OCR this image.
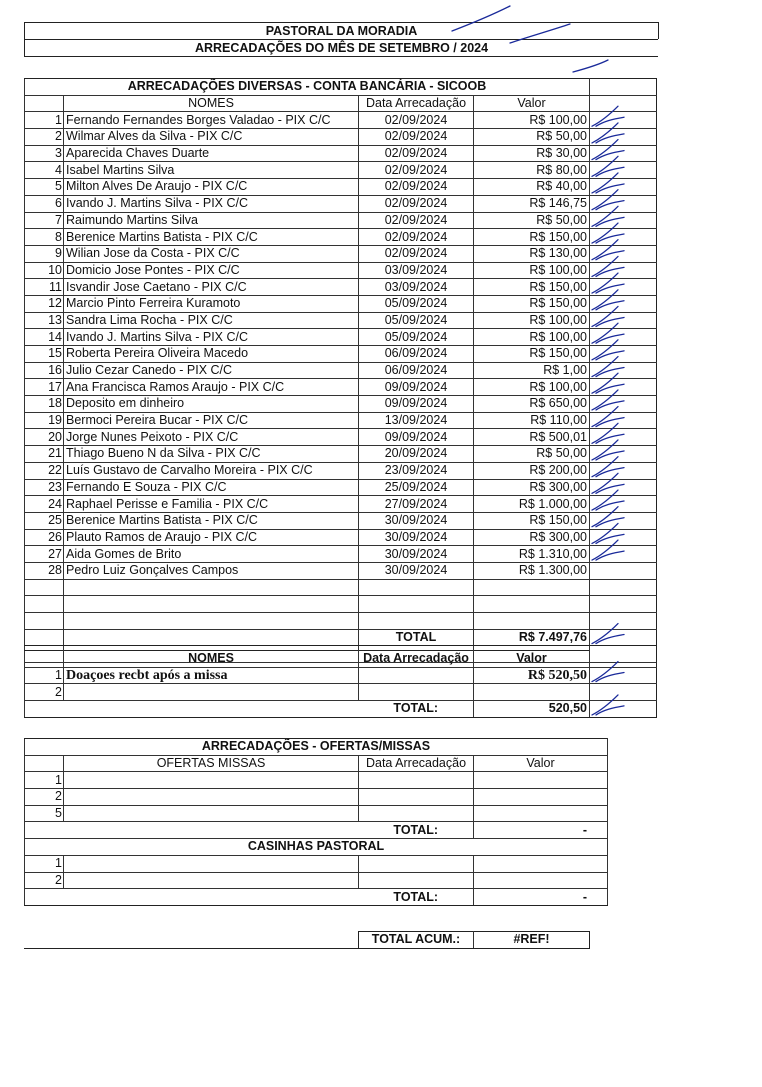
PASTORAL DA MORADIA
ARRECADAÇÕES DO MÊS DE SETEMBRO / 2024
ARRECADAÇÕES DIVERSAS - CONTA BANCÁRIA - SICOOB				
	NOMES	Data Arrecadação	Valor	
1	Fernando Fernandes Borges Valadao - PIX C/C	02/09/2024	R$ 100,00	
2	Wilmar Alves da Silva - PIX C/C	02/09/2024	R$ 50,00	
3	Aparecida Chaves Duarte	02/09/2024	R$ 30,00	
4	Isabel Martins Silva	02/09/2024	R$ 80,00	
5	Milton Alves De Araujo - PIX C/C	02/09/2024	R$ 40,00	
6	Ivando J. Martins Silva - PIX C/C	02/09/2024	R$ 146,75	
7	Raimundo Martins Silva	02/09/2024	R$ 50,00	
8	Berenice Martins Batista - PIX C/C	02/09/2024	R$ 150,00	
9	Wilian Jose da Costa - PIX C/C	02/09/2024	R$ 130,00	
10	Domicio Jose Pontes - PIX C/C	03/09/2024	R$ 100,00	
11	Isvandir Jose Caetano - PIX C/C	03/09/2024	R$ 150,00	
12	Marcio Pinto Ferreira Kuramoto	05/09/2024	R$ 150,00	
13	Sandra Lima Rocha - PIX C/C	05/09/2024	R$ 100,00	
14	Ivando J. Martins Silva - PIX C/C	05/09/2024	R$ 100,00	
15	Roberta Pereira Oliveira Macedo	06/09/2024	R$ 150,00	
16	Julio Cezar Canedo - PIX C/C	06/09/2024	R$ 1,00	
17	Ana Francisca Ramos Araujo - PIX C/C	09/09/2024	R$ 100,00	
18	Deposito em dinheiro	09/09/2024	R$ 650,00	
19	Bermoci Pereira Bucar - PIX C/C	13/09/2024	R$ 110,00	
20	Jorge Nunes Peixoto - PIX C/C	09/09/2024	R$ 500,01	
21	Thiago Bueno N da Silva - PIX C/C	20/09/2024	R$ 50,00	
22	Luís Gustavo de Carvalho Moreira - PIX C/C	23/09/2024	R$ 200,00	
23	Fernando E Souza - PIX C/C	25/09/2024	R$ 300,00	
24	Raphael Perisse e Familia - PIX C/C	27/09/2024	R$ 1.000,00	
25	Berenice Martins Batista - PIX C/C	30/09/2024	R$ 150,00	
26	Plauto Ramos de Araujo - PIX C/C	30/09/2024	R$ 300,00	
27	Aida Gomes de Brito	30/09/2024	R$ 1.310,00	
28	Pedro Luiz Gonçalves Campos	30/09/2024	R$ 1.300,00	

		TOTAL	R$ 7.497,76	

	NOMES	Data Arrecadação	Valor	
1	Doaçoes recbt após a missa		R$ 520,50	
2				
		TOTAL:	520,50	
ARRECADAÇÕES - OFERTAS/MISSAS			
	OFERTAS MISSAS	Data Arrecadação	Valor
1			
2			
5			
		TOTAL:	-
CASINHAS PASTORAL			
1			
2			
		TOTAL:	-
TOTAL ACUM.:	#REF!
